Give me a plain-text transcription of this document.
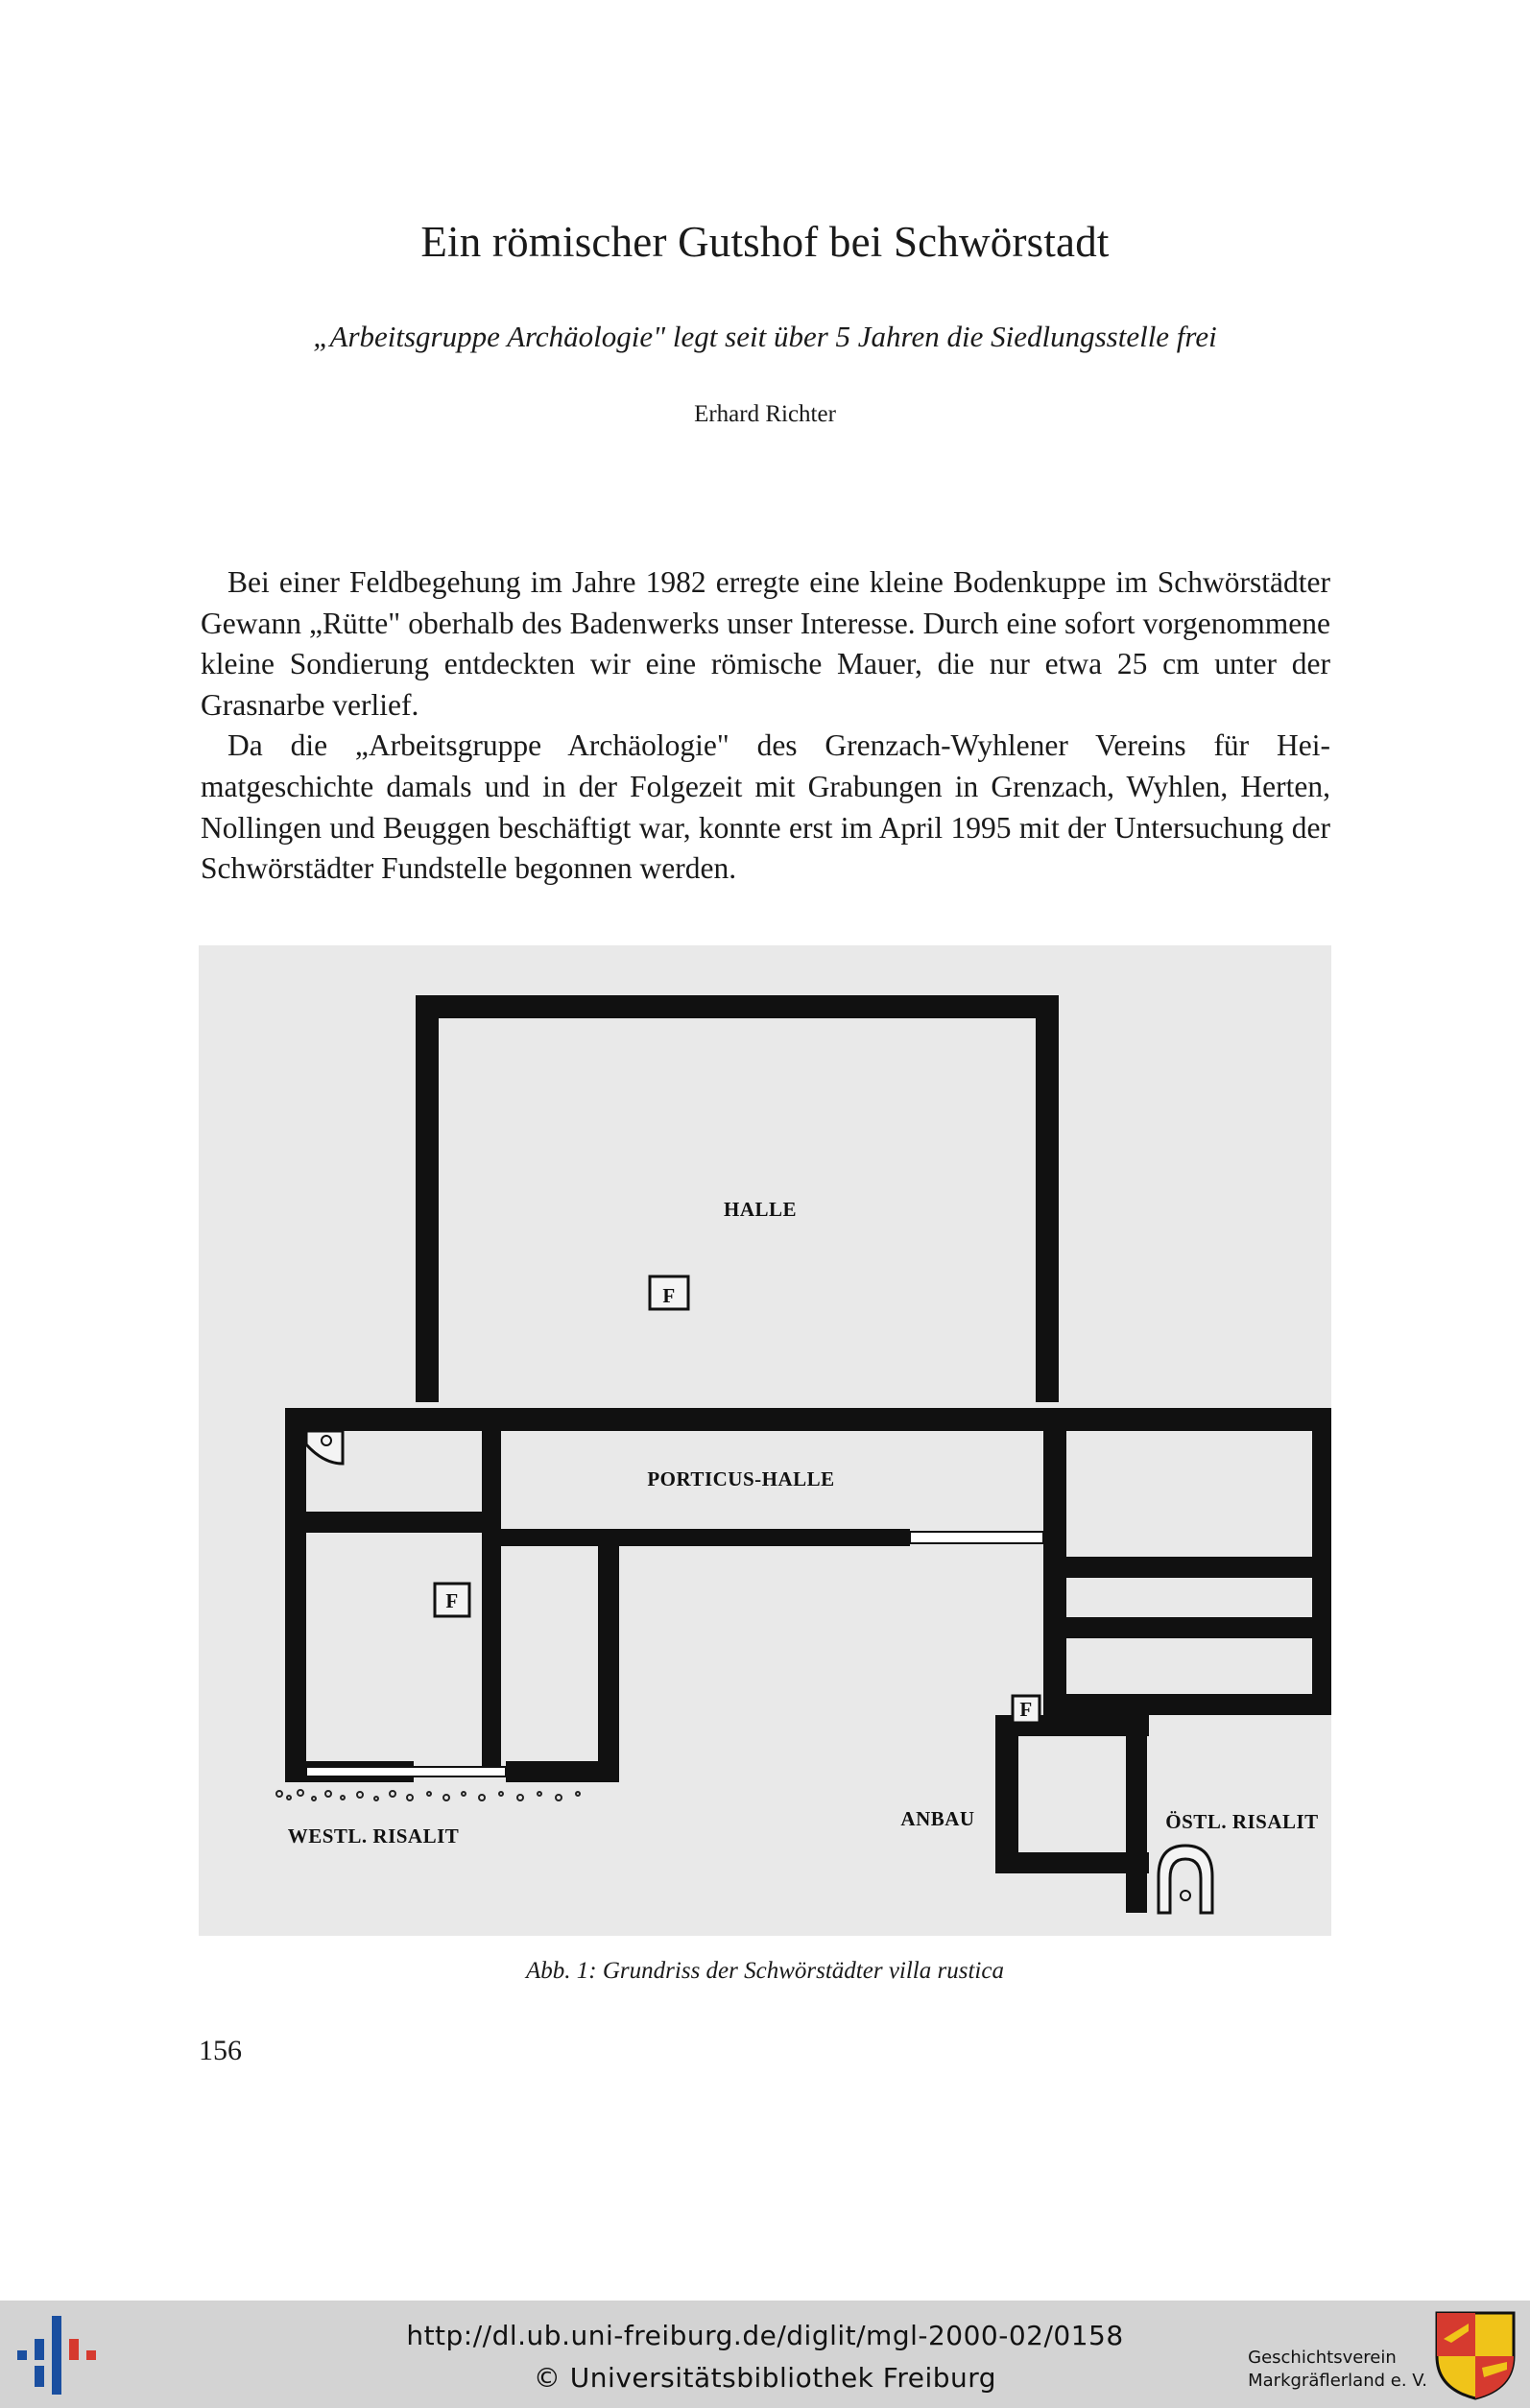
Ein römischer Gutshof bei Schwörstadt

„Arbeitsgruppe Archäologie" legt seit über 5 Jahren die Siedlungsstelle frei

Erhard Richter

Bei einer Feldbegehung im Jahre 1982 erregte eine kleine Bodenkuppe im Schwörstädter Gewann „Rütte" oberhalb des Badenwerks unser Interesse. Durch eine sofort vorgenommene kleine Sondierung entdeckten wir eine römische Mauer, die nur etwa 25 cm unter der Grasnarbe verlief.

Da die „Arbeitsgruppe Archäologie" des Grenzach-Wyhlener Vereins für Heimatgeschichte damals und in der Folgezeit mit Grabungen in Grenzach, Wyhlen, Herten, Nollingen und Beuggen beschäftigt war, konnte erst im April 1995 mit der Untersuchung der Schwörstädter Fundstelle begonnen werden.

F
F
F
HALLE
PORTICUS-HALLE
WESTL. RISALIT
ANBAU	ÖSTL. RISALIT

Abb. 1: Grundriss der Schwörstädter villa rustica

156

http://dl.ub.uni-freiburg.de/diglit/mgl-2000-02/0158
© Universitätsbibliothek Freiburg
Geschichtsverein
Markgräflerland e. V.
